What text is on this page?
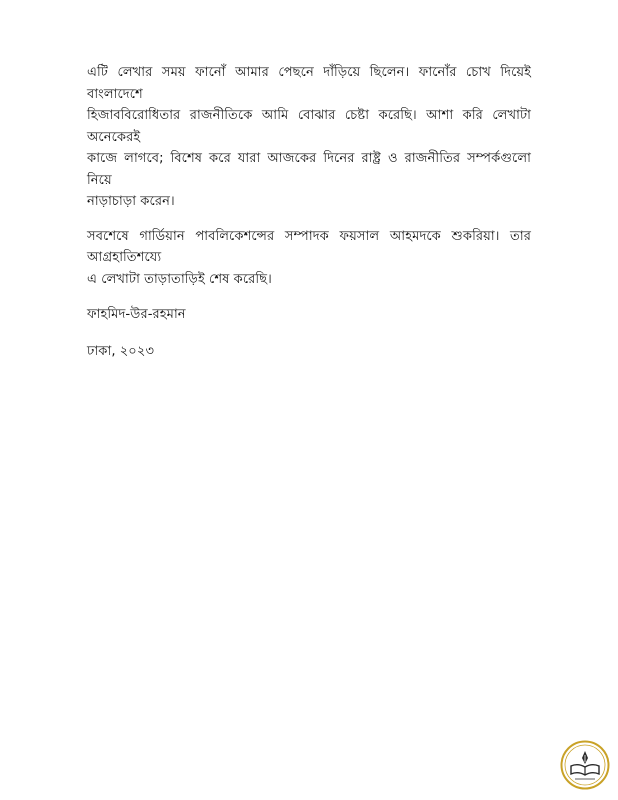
এটি লেখার সময় ফানোঁ আমার পেছনে দাঁড়িয়ে ছিলেন। ফানোঁর চোখ দিয়েই বাংলাদেশে
হিজাববিরোধিতার রাজনীতিকে আমি বোঝার চেষ্টা করেছি। আশা করি লেখাটা অনেকেরই
কাজে লাগবে; বিশেষ করে যারা আজকের দিনের রাষ্ট্র ও রাজনীতির সম্পর্কগুলো নিয়ে
নাড়াচাড়া করেন।

সবশেষে গার্ডিয়ান পাবলিকেশন্সের সম্পাদক ফয়সাল আহমদকে শুকরিয়া। তার আগ্রহাতিশয্যে
এ লেখাটা তাড়াতাড়িই শেষ করেছি।

ফাহমিদ-উর-রহমান

ঢাকা, ২০২৩
